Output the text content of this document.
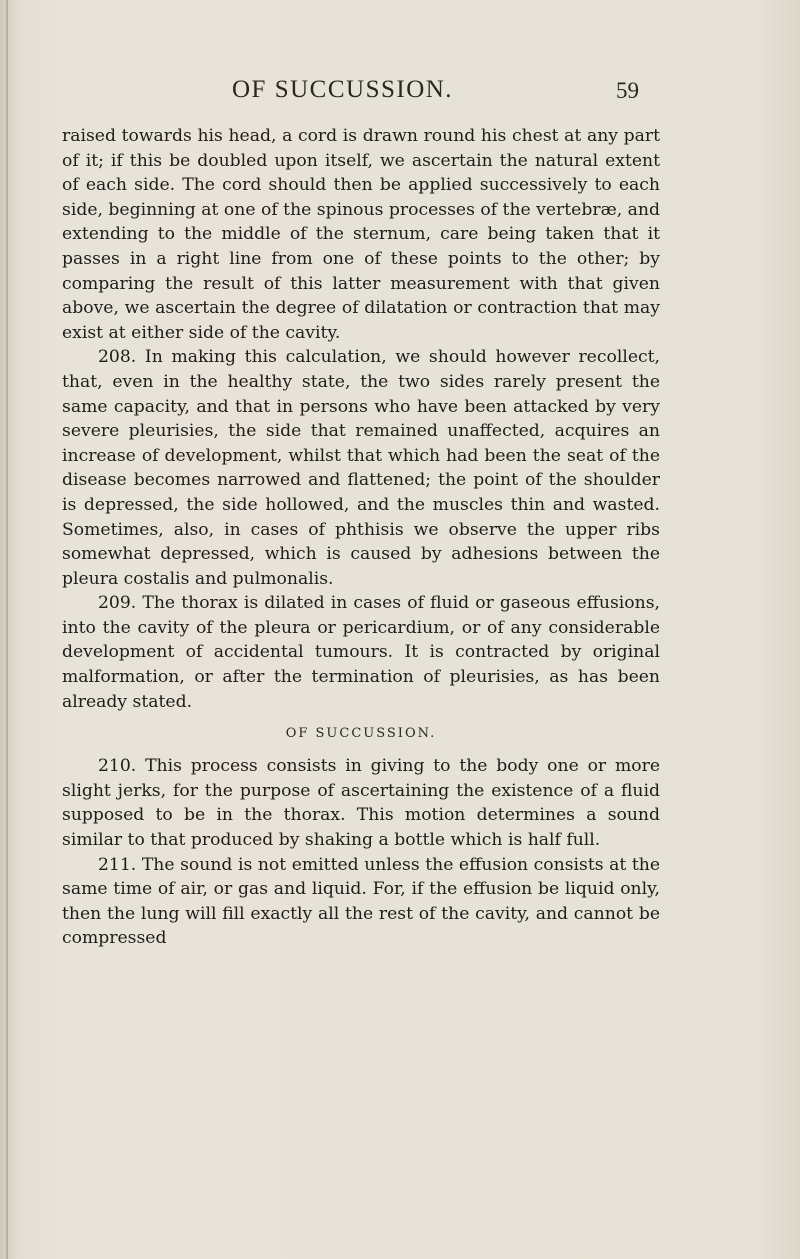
OF SUCCUSSION.	59

raised towards his head, a cord is drawn round his chest at any part of it; if this be doubled upon itself, we ascertain the natural extent of each side. The cord should then be applied successively to each side, beginning at one of the spinous processes of the vertebræ, and extending to the middle of the sternum, care being taken that it passes in a right line from one of these points to the other; by comparing the result of this latter measurement with that given above, we ascertain the degree of dilatation or contraction that may exist at either side of the cavity.

208. In making this calculation, we should however recollect, that, even in the healthy state, the two sides rarely present the same capacity, and that in persons who have been attacked by very severe pleurisies, the side that remained unaffected, acquires an increase of development, whilst that which had been the seat of the disease becomes narrowed and flattened; the point of the shoulder is depressed, the side hollowed, and the muscles thin and wasted. Sometimes, also, in cases of phthisis we observe the upper ribs somewhat depressed, which is caused by adhesions between the pleura costalis and pulmonalis.

209. The thorax is dilated in cases of fluid or gaseous effusions, into the cavity of the pleura or pericardium, or of any considerable development of accidental tumours. It is contracted by original malformation, or after the termination of pleurisies, as has been already stated.

OF SUCCUSSION.

210. This process consists in giving to the body one or more slight jerks, for the purpose of ascertaining the existence of a fluid supposed to be in the thorax. This motion determines a sound similar to that produced by shaking a bottle which is half full.

211. The sound is not emitted unless the effusion consists at the same time of air, or gas and liquid. For, if the effusion be liquid only, then the lung will fill exactly all the rest of the cavity, and cannot be compressed
